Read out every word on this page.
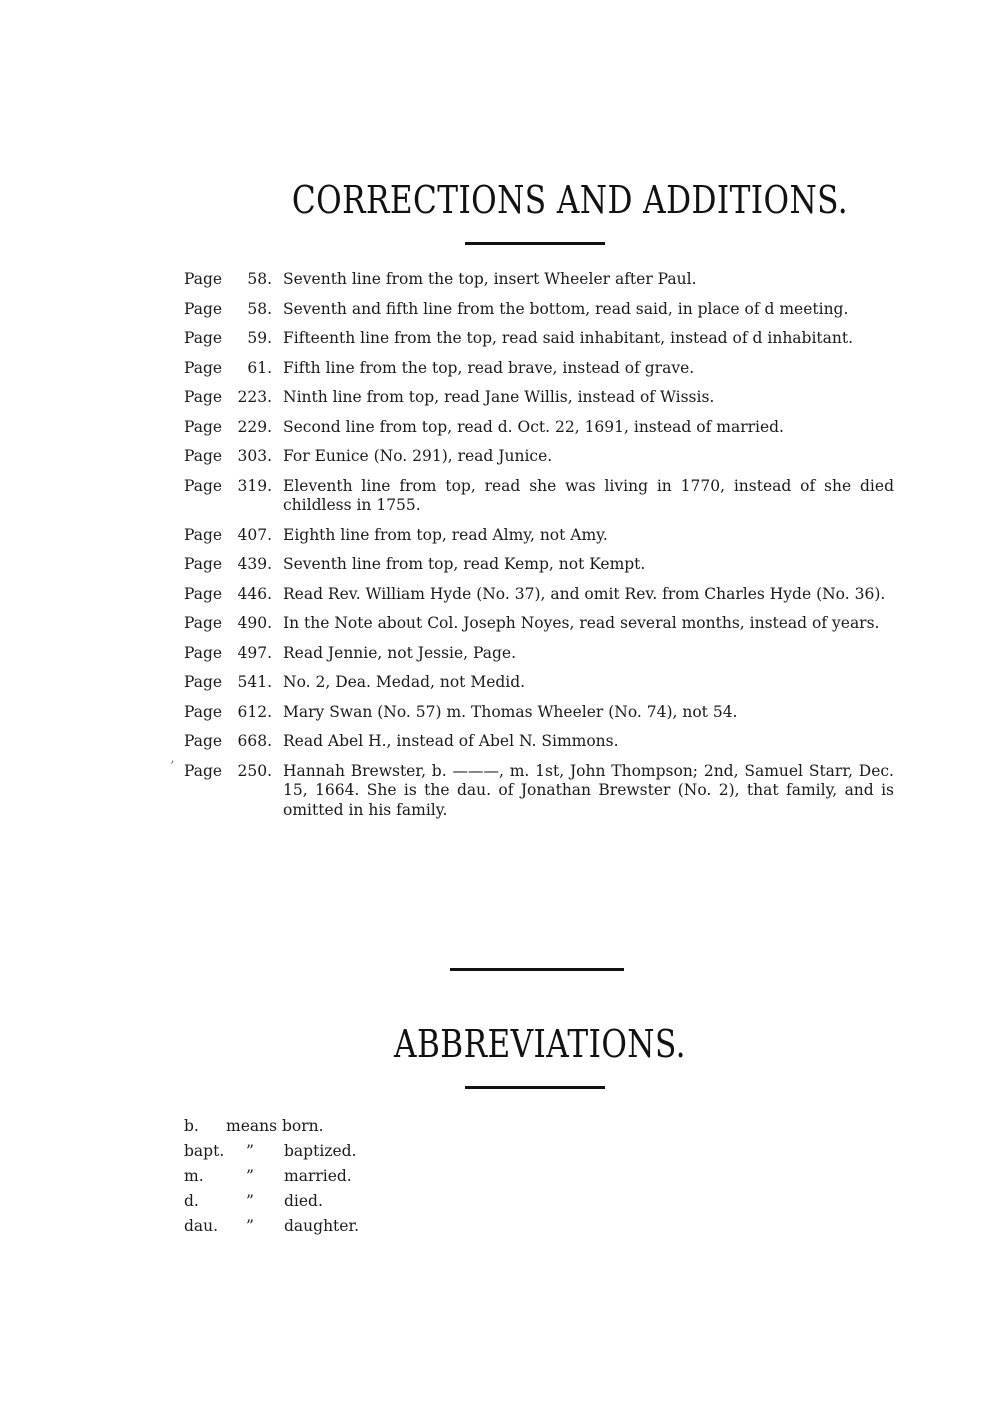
CORRECTIONS AND ADDITIONS.
Page 58. Seventh line from the top, insert Wheeler after Paul.
Page 58. Seventh and fifth line from the bottom, read said, in place of d meeting.
Page 59. Fifteenth line from the top, read said inhabitant, instead of d inhabitant.
Page 61. Fifth line from the top, read brave, instead of grave.
Page 223. Ninth line from top, read Jane Willis, instead of Wissis.
Page 229. Second line from top, read d. Oct. 22, 1691, instead of married.
Page 303. For Eunice (No. 291), read Junice.
Page 319. Eleventh line from top, read she was living in 1770, instead of she died childless in 1755.
Page 407. Eighth line from top, read Almy, not Amy.
Page 439. Seventh line from top, read Kemp, not Kempt.
Page 446. Read Rev. William Hyde (No. 37), and omit Rev. from Charles Hyde (No. 36).
Page 490. In the Note about Col. Joseph Noyes, read several months, instead of years.
Page 497. Read Jennie, not Jessie, Page.
Page 541. No. 2, Dea. Medad, not Medid.
Page 612. Mary Swan (No. 57) m. Thomas Wheeler (No. 74), not 54.
Page 668. Read Abel H., instead of Abel N. Simmons.
’ Page 250. Hannah Brewster, b. ———, m. 1st, John Thompson; 2nd, Samuel Starr, Dec. 15, 1664. She is the dau. of Jonathan Brewster (No. 2), that family, and is omitted in his family.
ABBREVIATIONS.
b.	means born.
bapt.	”	baptized.
m.	”	married.
d.	”	died.
dau.	”	daughter.
